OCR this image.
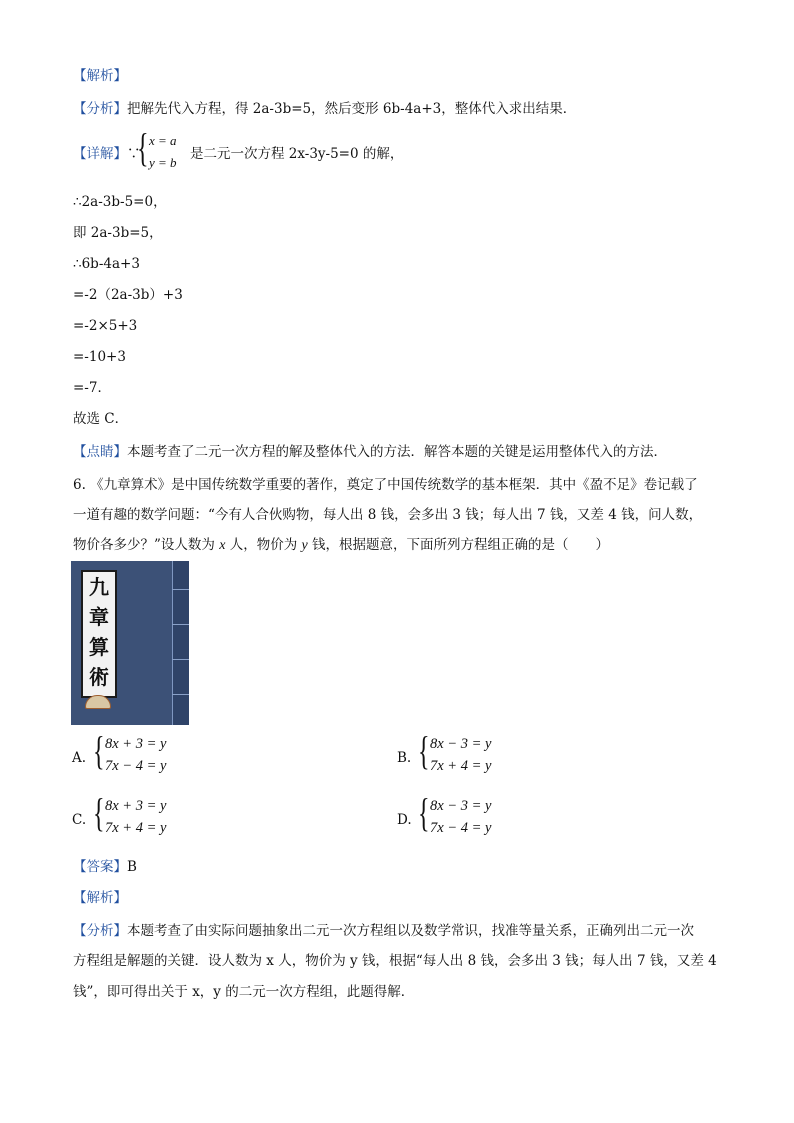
【解析】
【分析】把解先代入方程，得 2a-3b=5，然后变形 6b-4a+3，整体代入求出结果．
【详解】∵
{ x = a
y = b
是二元一次方程 2x-3y-5=0 的解，
∴2a-3b-5=0，
即 2a-3b=5，
∴6b-4a+3
=-2（2a-3b）+3
=-2×5+3
=-10+3
=-7．
故选 C．
【点睛】本题考查了二元一次方程的解及整体代入的方法．解答本题的关键是运用整体代入的方法．
6. 《九章算术》是中国传统数学重要的著作，奠定了中国传统数学的基本框架．其中《盈不足》卷记载了
一道有趣的数学问题：“今有人合伙购物，每人出 8 钱，会多出 3 钱；每人出 7 钱，又差 4 钱，问人数，
物价各多少？”设人数为 x 人，物价为 y 钱，根据题意，下面所列方程组正确的是（　　）
九
章
算
術
A. { 8x + 3 = y
7x − 4 = y	B. { 8x − 3 = y
7x + 4 = y
C. { 8x + 3 = y
7x + 4 = y	D. { 8x − 3 = y
7x − 4 = y
【答案】B
【解析】
【分析】本题考查了由实际问题抽象出二元一次方程组以及数学常识，找准等量关系，正确列出二元一次
方程组是解题的关键．设人数为 x 人，物价为 y 钱，根据“每人出 8 钱，会多出 3 钱；每人出 7 钱，又差 4
钱”，即可得出关于 x，y 的二元一次方程组，此题得解．
